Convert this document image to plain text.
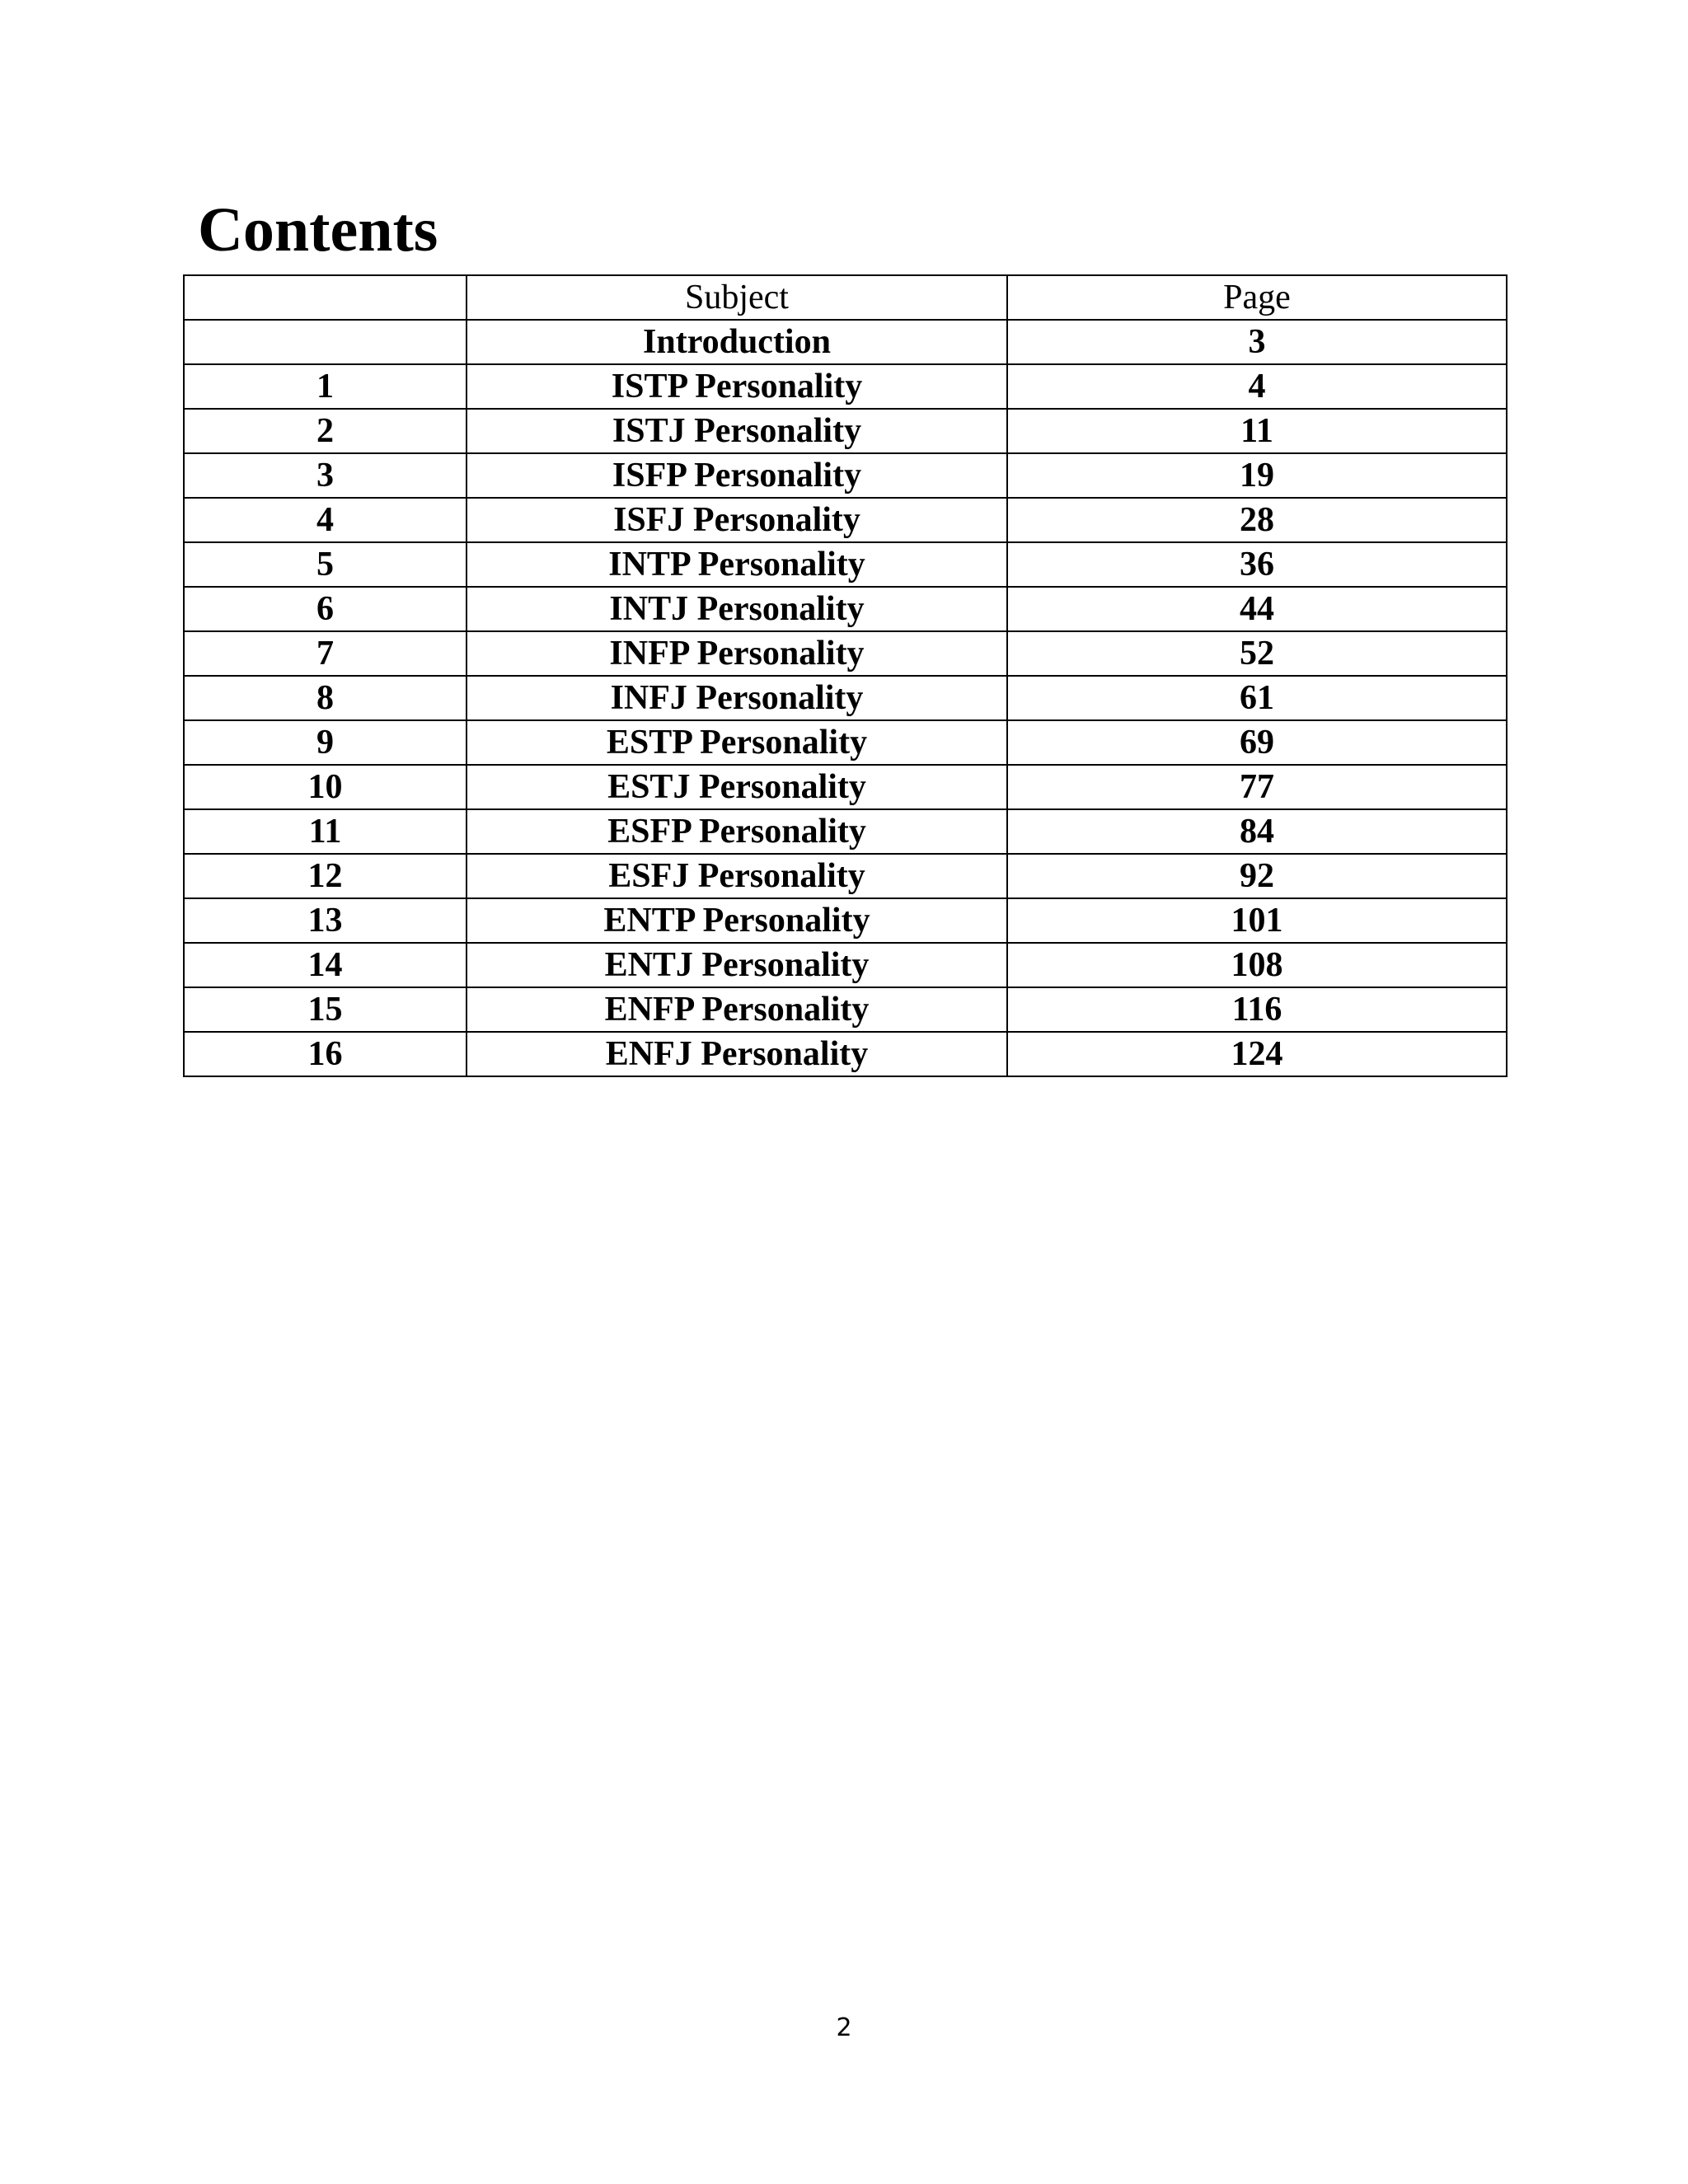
Contents
	Subject	Page
	Introduction	3
1	ISTP Personality	4
2	ISTJ Personality	11
3	ISFP Personality	19
4	ISFJ Personality	28
5	INTP Personality	36
6	INTJ Personality	44
7	INFP Personality	52
8	INFJ Personality	61
9	ESTP Personality	69
10	ESTJ Personality	77
11	ESFP Personality	84
12	ESFJ Personality	92
13	ENTP Personality	101
14	ENTJ Personality	108
15	ENFP Personality	116
16	ENFJ Personality	124
2
